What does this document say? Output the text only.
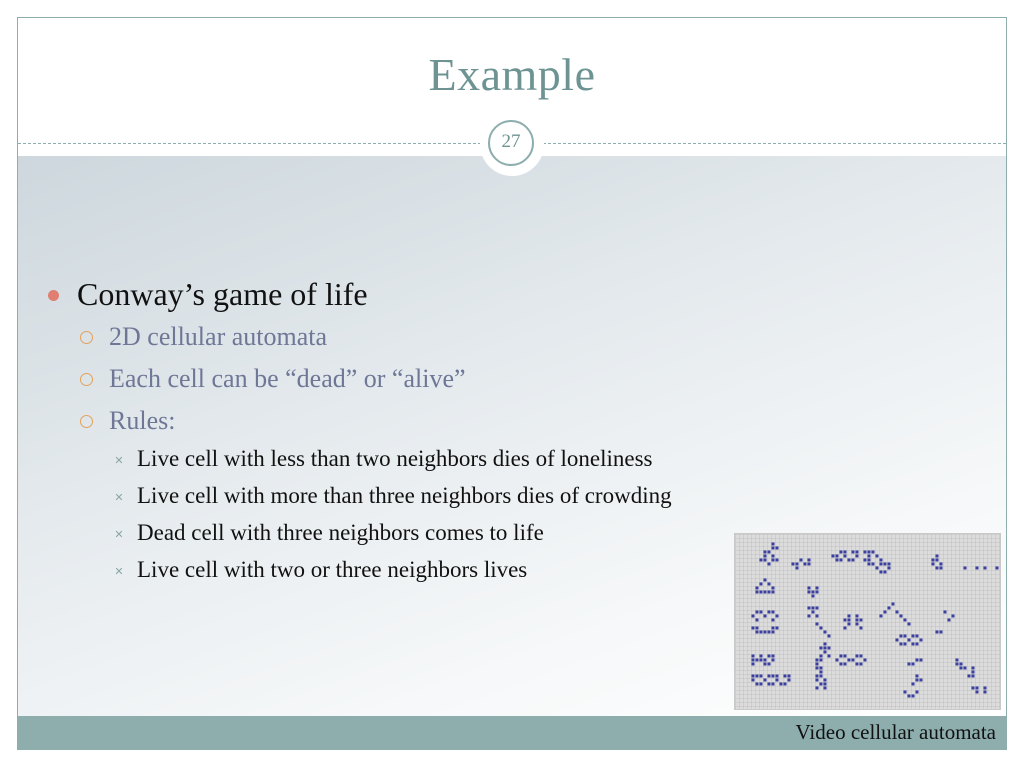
Example
27
Conway’s game of life
2D cellular automata
Each cell can be “dead” or “alive”
Rules:
✕ Live cell with less than two neighbors dies of loneliness
✕ Live cell with more than three neighbors dies of crowding
✕ Dead cell with three neighbors comes to life
✕ Live cell with two or three neighbors lives
Video cellular automata
